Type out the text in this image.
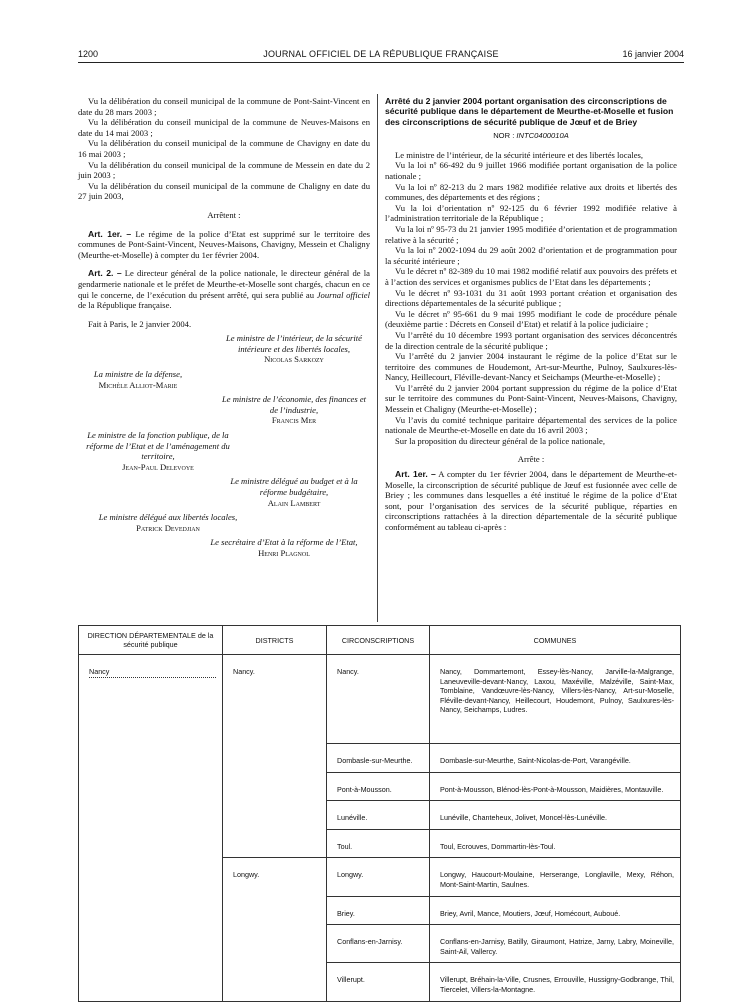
1200	JOURNAL OFFICIEL DE LA RÉPUBLIQUE FRANÇAISE	16 janvier 2004

Vu la délibération du conseil municipal de la commune de Pont-Saint-Vincent en date du 28 mars 2003 ;

Vu la délibération du conseil municipal de la commune de Neuves-Maisons en date du 14 mai 2003 ;

Vu la délibération du conseil municipal de la commune de Chavigny en date du 16 mai 2003 ;

Vu la délibération du conseil municipal de la commune de Messein en date du 2 juin 2003 ;

Vu la délibération du conseil municipal de la commune de Chaligny en date du 27 juin 2003,

Arrêtent :

Art. 1er. – Le régime de la police d’Etat est supprimé sur le territoire des communes de Pont-Saint-Vincent, Neuves-Maisons, Chavigny, Messein et Chaligny (Meurthe-et-Moselle) à compter du 1er février 2004.

Art. 2. – Le directeur général de la police nationale, le directeur général de la gendarmerie nationale et le préfet de Meurthe-et-Moselle sont chargés, chacun en ce qui le concerne, de l’exécution du présent arrêté, qui sera publié au Journal officiel de la République française.

Fait à Paris, le 2 janvier 2004.

Le ministre de l’intérieur, de la sécurité intérieure et des libertés locales,
Nicolas Sarkozy
La ministre de la défense,
Michèle Alliot-Marie
Le ministre de l’économie, des finances et de l’industrie,
Francis Mer
Le ministre de la fonction publique, de la réforme de l’Etat et de l’aménagement du territoire,
Jean-Paul Delevoye
Le ministre délégué au budget et à la réforme budgétaire,
Alain Lambert
Le ministre délégué aux libertés locales,
Patrick Devedjian
Le secrétaire d’Etat à la réforme de l’Etat,
Henri Plagnol

Arrêté du 2 janvier 2004 portant organisation des circonscriptions de sécurité publique dans le département de Meurthe-et-Moselle et fusion des circonscriptions de sécurité publique de Jœuf et de Briey

NOR : INTC0400010A

Le ministre de l’intérieur, de la sécurité intérieure et des libertés locales,

Vu la loi nº 66-492 du 9 juillet 1966 modifiée portant organisation de la police nationale ;

Vu la loi nº 82-213 du 2 mars 1982 modifiée relative aux droits et libertés des communes, des départements et des régions ;

Vu la loi d’orientation nº 92-125 du 6 février 1992 modifiée relative à l’administration territoriale de la République ;

Vu la loi nº 95-73 du 21 janvier 1995 modifiée d’orientation et de programmation relative à la sécurité ;

Vu la loi nº 2002-1094 du 29 août 2002 d’orientation et de programmation pour la sécurité intérieure ;

Vu le décret nº 82-389 du 10 mai 1982 modifié relatif aux pouvoirs des préfets et à l’action des services et organismes publics de l’Etat dans les départements ;

Vu le décret nº 93-1031 du 31 août 1993 portant création et organisation des directions départementales de la sécurité publique ;

Vu le décret nº 95-661 du 9 mai 1995 modifiant le code de procédure pénale (deuxième partie : Décrets en Conseil d’Etat) et relatif à la police judiciaire ;

Vu l’arrêté du 10 décembre 1993 portant organisation des services déconcentrés de la direction centrale de la sécurité publique ;

Vu l’arrêté du 2 janvier 2004 instaurant le régime de la police d’Etat sur le territoire des communes de Houdemont, Art-sur-Meurthe, Pulnoy, Saulxures-lès-Nancy, Heillecourt, Fléville-devant-Nancy et Seichamps (Meurthe-et-Moselle) ;

Vu l’arrêté du 2 janvier 2004 portant suppression du régime de la police d’Etat sur le territoire des communes du Pont-Saint-Vincent, Neuves-Maisons, Chavigny, Messein et Chaligny (Meurthe-et-Moselle) ;

Vu l’avis du comité technique paritaire départemental des services de la police nationale de Meurthe-et-Moselle en date du 16 avril 2003 ;

Sur la proposition du directeur général de la police nationale,

Arrête :

Art. 1er. – A compter du 1er février 2004, dans le département de Meurthe-et-Moselle, la circonscription de sécurité publique de Jœuf est fusionnée avec celle de Briey ; les communes dans lesquelles a été institué le régime de la police d’Etat sont, pour l’organisation des services de la sécurité publique, réparties en circonscriptions rattachées à la direction départementale de la sécurité publique conformément au tableau ci-après :

DIRECTION DÉPARTEMENTALE de la sécurité publique	DISTRICTS	CIRCONSCRIPTIONS	COMMUNES
Nancy	Nancy.	Nancy.	Nancy, Dommartemont, Essey-lès-Nancy, Jarville-la-Malgrange, Laneuveville-devant-Nancy, Laxou, Maxéville, Malzéville, Saint-Max, Tomblaine, Vandœuvre-lès-Nancy, Villers-lès-Nancy, Art-sur-Moselle, Fléville-devant-Nancy, Heillecourt, Houdemont, Pulnoy, Saulxures-lès-Nancy, Seichamps, Ludres.
		Dombasle-sur-Meurthe.	Dombasle-sur-Meurthe, Saint-Nicolas-de-Port, Varangéville.
		Pont-à-Mousson.	Pont-à-Mousson, Blénod-lès-Pont-à-Mousson, Maidières, Montauville.
		Lunéville.	Lunéville, Chanteheux, Jolivet, Moncel-lès-Lunéville.
		Toul.	Toul, Ecrouves, Dommartin-lès-Toul.
	Longwy.	Longwy.	Longwy, Haucourt-Moulaine, Herserange, Longlaville, Mexy, Réhon, Mont-Saint-Martin, Saulnes.
		Briey.	Briey, Avril, Mance, Moutiers, Jœuf, Homécourt, Auboué.
		Conflans-en-Jarnisy.	Conflans-en-Jarnisy, Batilly, Giraumont, Hatrize, Jarny, Labry, Moineville, Saint-Ail, Vallercy.
		Villerupt.	Villerupt, Bréhain-la-Ville, Crusnes, Errouville, Hussigny-Godbrange, Thil, Tiercelet, Villers-la-Montagne.
